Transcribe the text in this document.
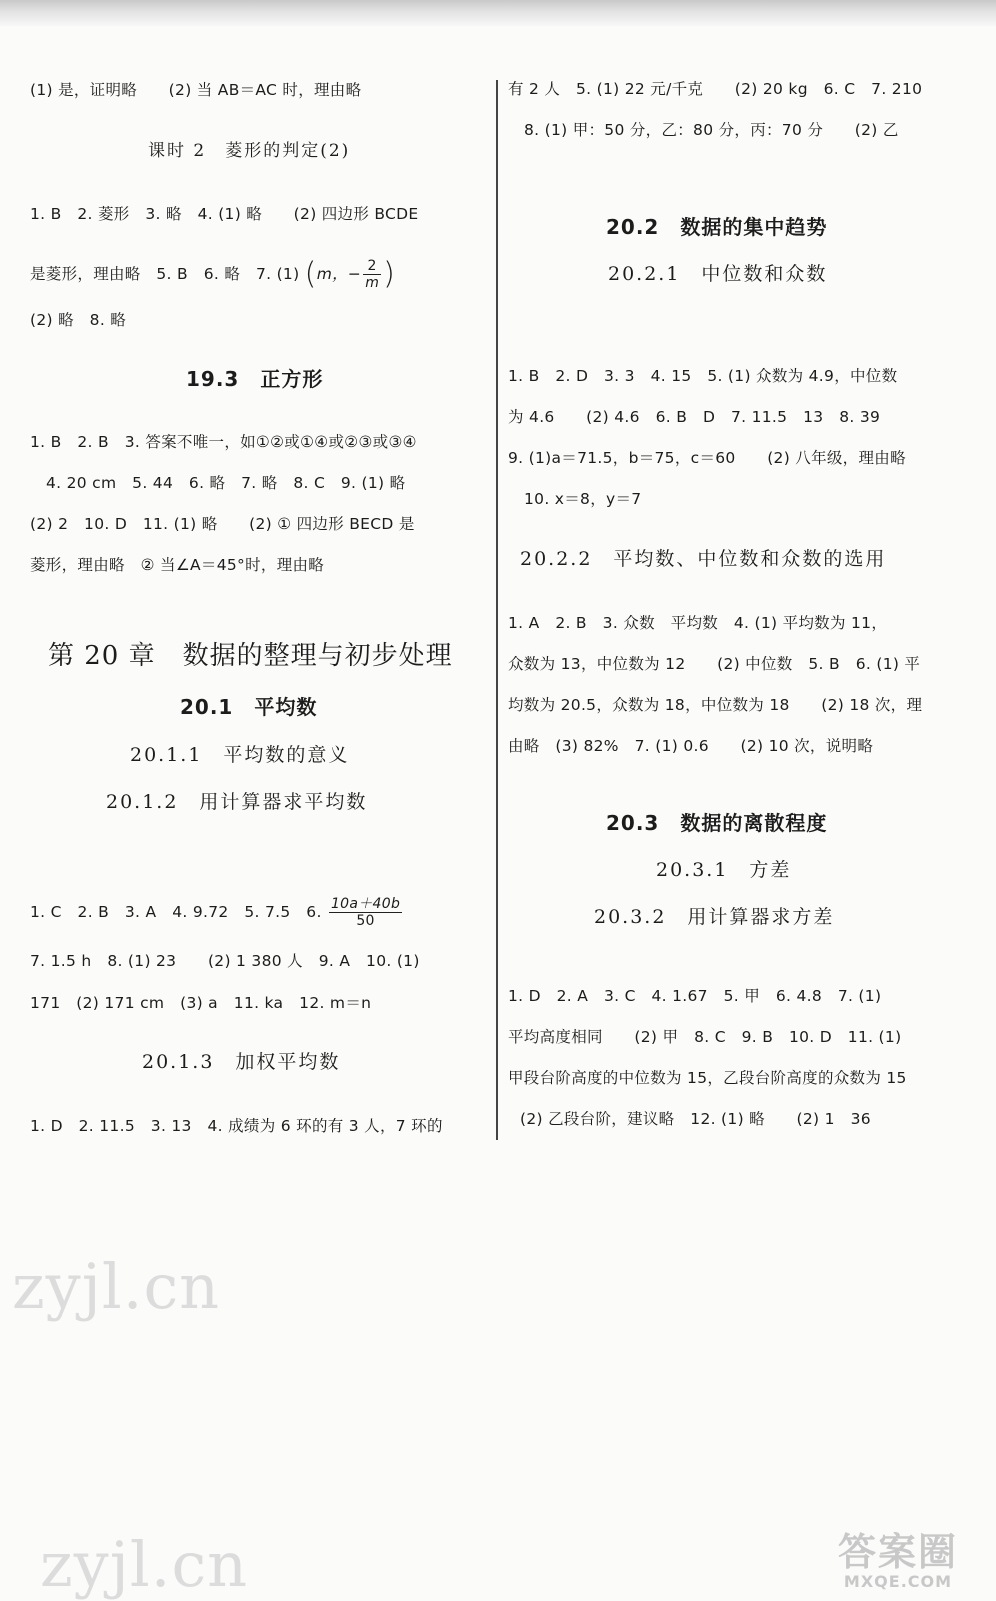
(1) 是，证明略　　(2) 当 AB＝AC 时，理由略
课时 2　菱形的判定(2)
1. B　2. 菱形　3. 略　4. (1) 略　　(2) 四边形 BCDE
是菱形，理由略　5. B　6. 略　7. (1) (m，− $\frac{2}{m}$ )
(2) 略　8. 略
19.3　正方形
1. B　2. B　3. 答案不唯一，如①②或①④或②③或③④
4. 20 cm　5. 44　6. 略　7. 略　8. C　9. (1) 略
(2) 2　10. D　11. (1) 略　　(2) ① 四边形 BECD 是
菱形，理由略　② 当∠A＝45°时，理由略
第 20 章　数据的整理与初步处理
20.1　平均数
20.1.1　平均数的意义
20.1.2　用计算器求平均数
1. C　2. B　3. A　4. 9.72　5. 7.5　6. $\frac{10a+40b}{50}$
7. 1.5 h　8. (1) 23　　(2) 1 380 人　9. A　10. (1)
171　(2) 171 cm　(3) a　11. ka　12. m＝n
20.1.3　加权平均数
1. D　2. 11.5　3. 13　4. 成绩为 6 环的有 3 人，7 环的
有 2 人　5. (1) 22 元/千克　　(2) 20 kg　6. C　7. 210
8. (1) 甲：50 分，乙：80 分，丙：70 分　　(2) 乙
20.2　数据的集中趋势
20.2.1　中位数和众数
1. B　2. D　3. 3　4. 15　5. (1) 众数为 4.9，中位数
为 4.6　　(2) 4.6　6. B　D　7. 11.5　13　8. 39
9. (1)a＝71.5，b＝75，c＝60　　(2) 八年级，理由略
10. x＝8，y＝7
20.2.2　平均数、中位数和众数的选用
1. A　2. B　3. 众数　平均数　4. (1) 平均数为 11，
众数为 13，中位数为 12　　(2) 中位数　5. B　6. (1) 平
均数为 20.5，众数为 18，中位数为 18　　(2) 18 次，理
由略　(3) 82%　7. (1) 0.6　　(2) 10 次，说明略
20.3　数据的离散程度
20.3.1　方差
20.3.2　用计算器求方差
1. D　2. A　3. C　4. 1.67　5. 甲　6. 4.8　7. (1)
平均高度相同　　(2) 甲　8. C　9. B　10. D　11. (1)
甲段台阶高度的中位数为 15，乙段台阶高度的众数为 15
(2) 乙段台阶，建议略　12. (1) 略　　(2) 1　36
zyjl.cn
zyjl.cn	答案圈
MXQE.COM
